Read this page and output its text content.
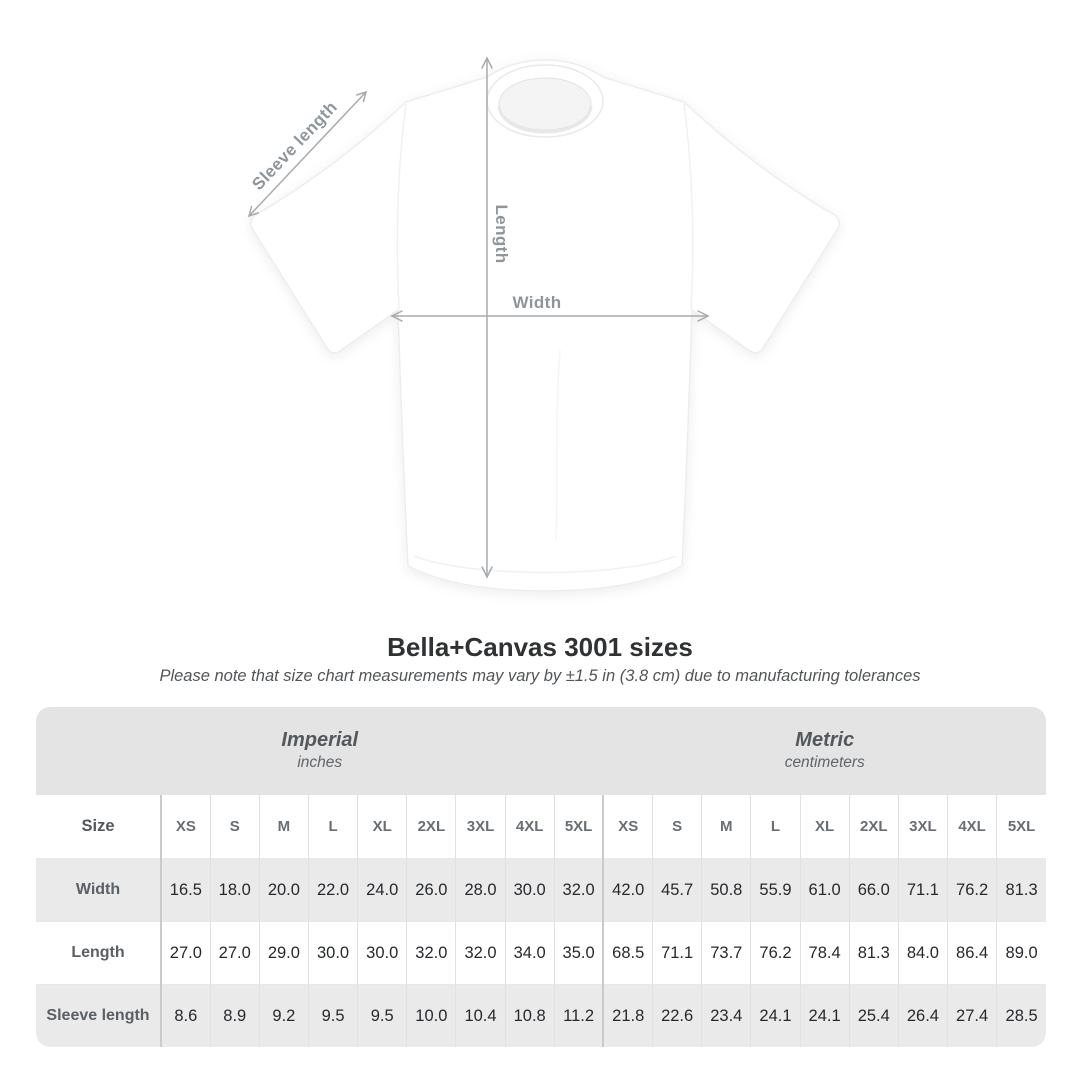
Sleeve length
Length
Width
Bella+Canvas 3001 sizes

Please note that size chart measurements may vary by ±1.5 in (3.8 cm) due to manufacturing tolerances

Imperial
inches
Metric
centimeters
Size	XS	S	M	L	XL	2XL	3XL	4XL	5XL	XS	S	M	L	XL	2XL	3XL	4XL	5XL
Width	16.5	18.0	20.0	22.0	24.0	26.0	28.0	30.0	32.0	42.0	45.7	50.8	55.9	61.0	66.0	71.1	76.2	81.3
Length	27.0	27.0	29.0	30.0	30.0	32.0	32.0	34.0	35.0	68.5	71.1	73.7	76.2	78.4	81.3	84.0	86.4	89.0
Sleeve length	8.6	8.9	9.2	9.5	9.5	10.0	10.4	10.8	11.2	21.8	22.6	23.4	24.1	24.1	25.4	26.4	27.4	28.5
